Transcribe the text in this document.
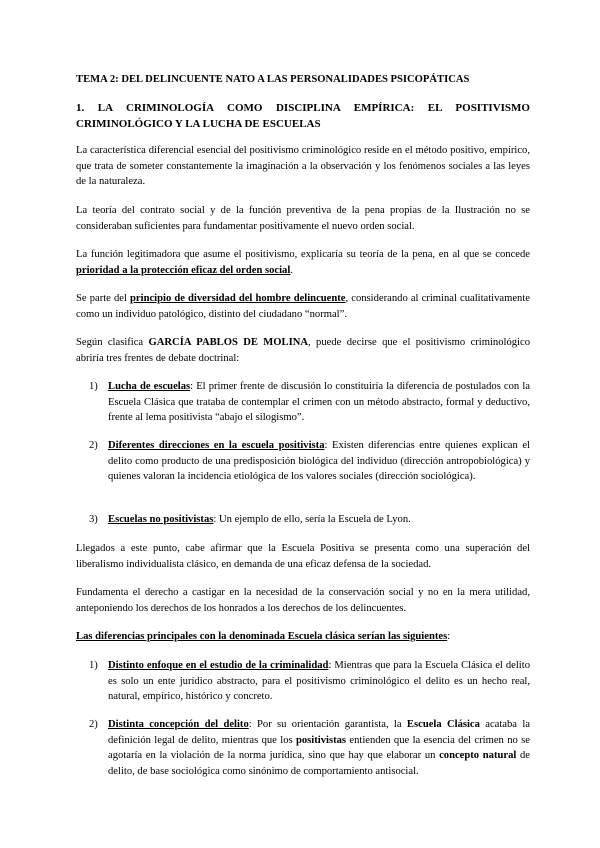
TEMA 2: DEL DELINCUENTE NATO A LAS PERSONALIDADES PSICOPÁTICAS

1. LA CRIMINOLOGÍA COMO DISCIPLINA EMPÍRICA: EL POSITIVISMO CRIMINOLÓGICO Y LA LUCHA DE ESCUELAS

La característica diferencial esencial del positivismo criminológico reside en el método positivo, empírico, que trata de someter constantemente la imaginación a la observación y los fenómenos sociales a las leyes de la naturaleza.

La teoría del contrato social y de la función preventiva de la pena propias de la Ilustración no se consideraban suficientes para fundamentar positivamente el nuevo orden social.

La función legitimadora que asume el positivismo, explicaría su teoría de la pena, en al que se concede prioridad a la protección eficaz del orden social.

Se parte del principio de diversidad del hombre delincuente, considerando al criminal cualitativamente como un individuo patológico, distinto del ciudadano “normal”.

Según clasifica GARCÍA PABLOS DE MOLINA, puede decirse que el positivismo criminológico abriría tres frentes de debate doctrinal:

1) Lucha de escuelas: El primer frente de discusión lo constituiría la diferencia de postulados con la Escuela Clásica que trataba de contemplar el crimen con un método abstracto, formal y deductivo, frente al lema positivista “abajo el silogismo”.
2) Diferentes direcciones en la escuela positivista: Existen diferencias entre quienes explican el delito como producto de una predisposición biológica del individuo (dirección antropobiológica) y quienes valoran la incidencia etiológica de los valores sociales (dirección sociológica).
3) Escuelas no positivistas: Un ejemplo de ello, sería la Escuela de Lyon.

Llegados a este punto, cabe afirmar que la Escuela Positiva se presenta como una superación del liberalismo individualista clásico, en demanda de una eficaz defensa de la sociedad.

Fundamenta el derecho a castigar en la necesidad de la conservación social y no en la mera utilidad, anteponiendo los derechos de los honrados a los derechos de los delincuentes.

Las diferencias principales con la denominada Escuela clásica serían las siguientes:

1) Distinto enfoque en el estudio de la criminalidad: Mientras que para la Escuela Clásica el delito es solo un ente jurídico abstracto, para el positivismo criminológico el delito es un hecho real, natural, empírico, histórico y concreto.
2) Distinta concepción del delito: Por su orientación garantista, la Escuela Clásica acataba la definición legal de delito, mientras que los positivistas entienden que la esencia del crimen no se agotaría en la violación de la norma jurídica, sino que hay que elaborar un concepto natural de delito, de base sociológica como sinónimo de comportamiento antisocial.
